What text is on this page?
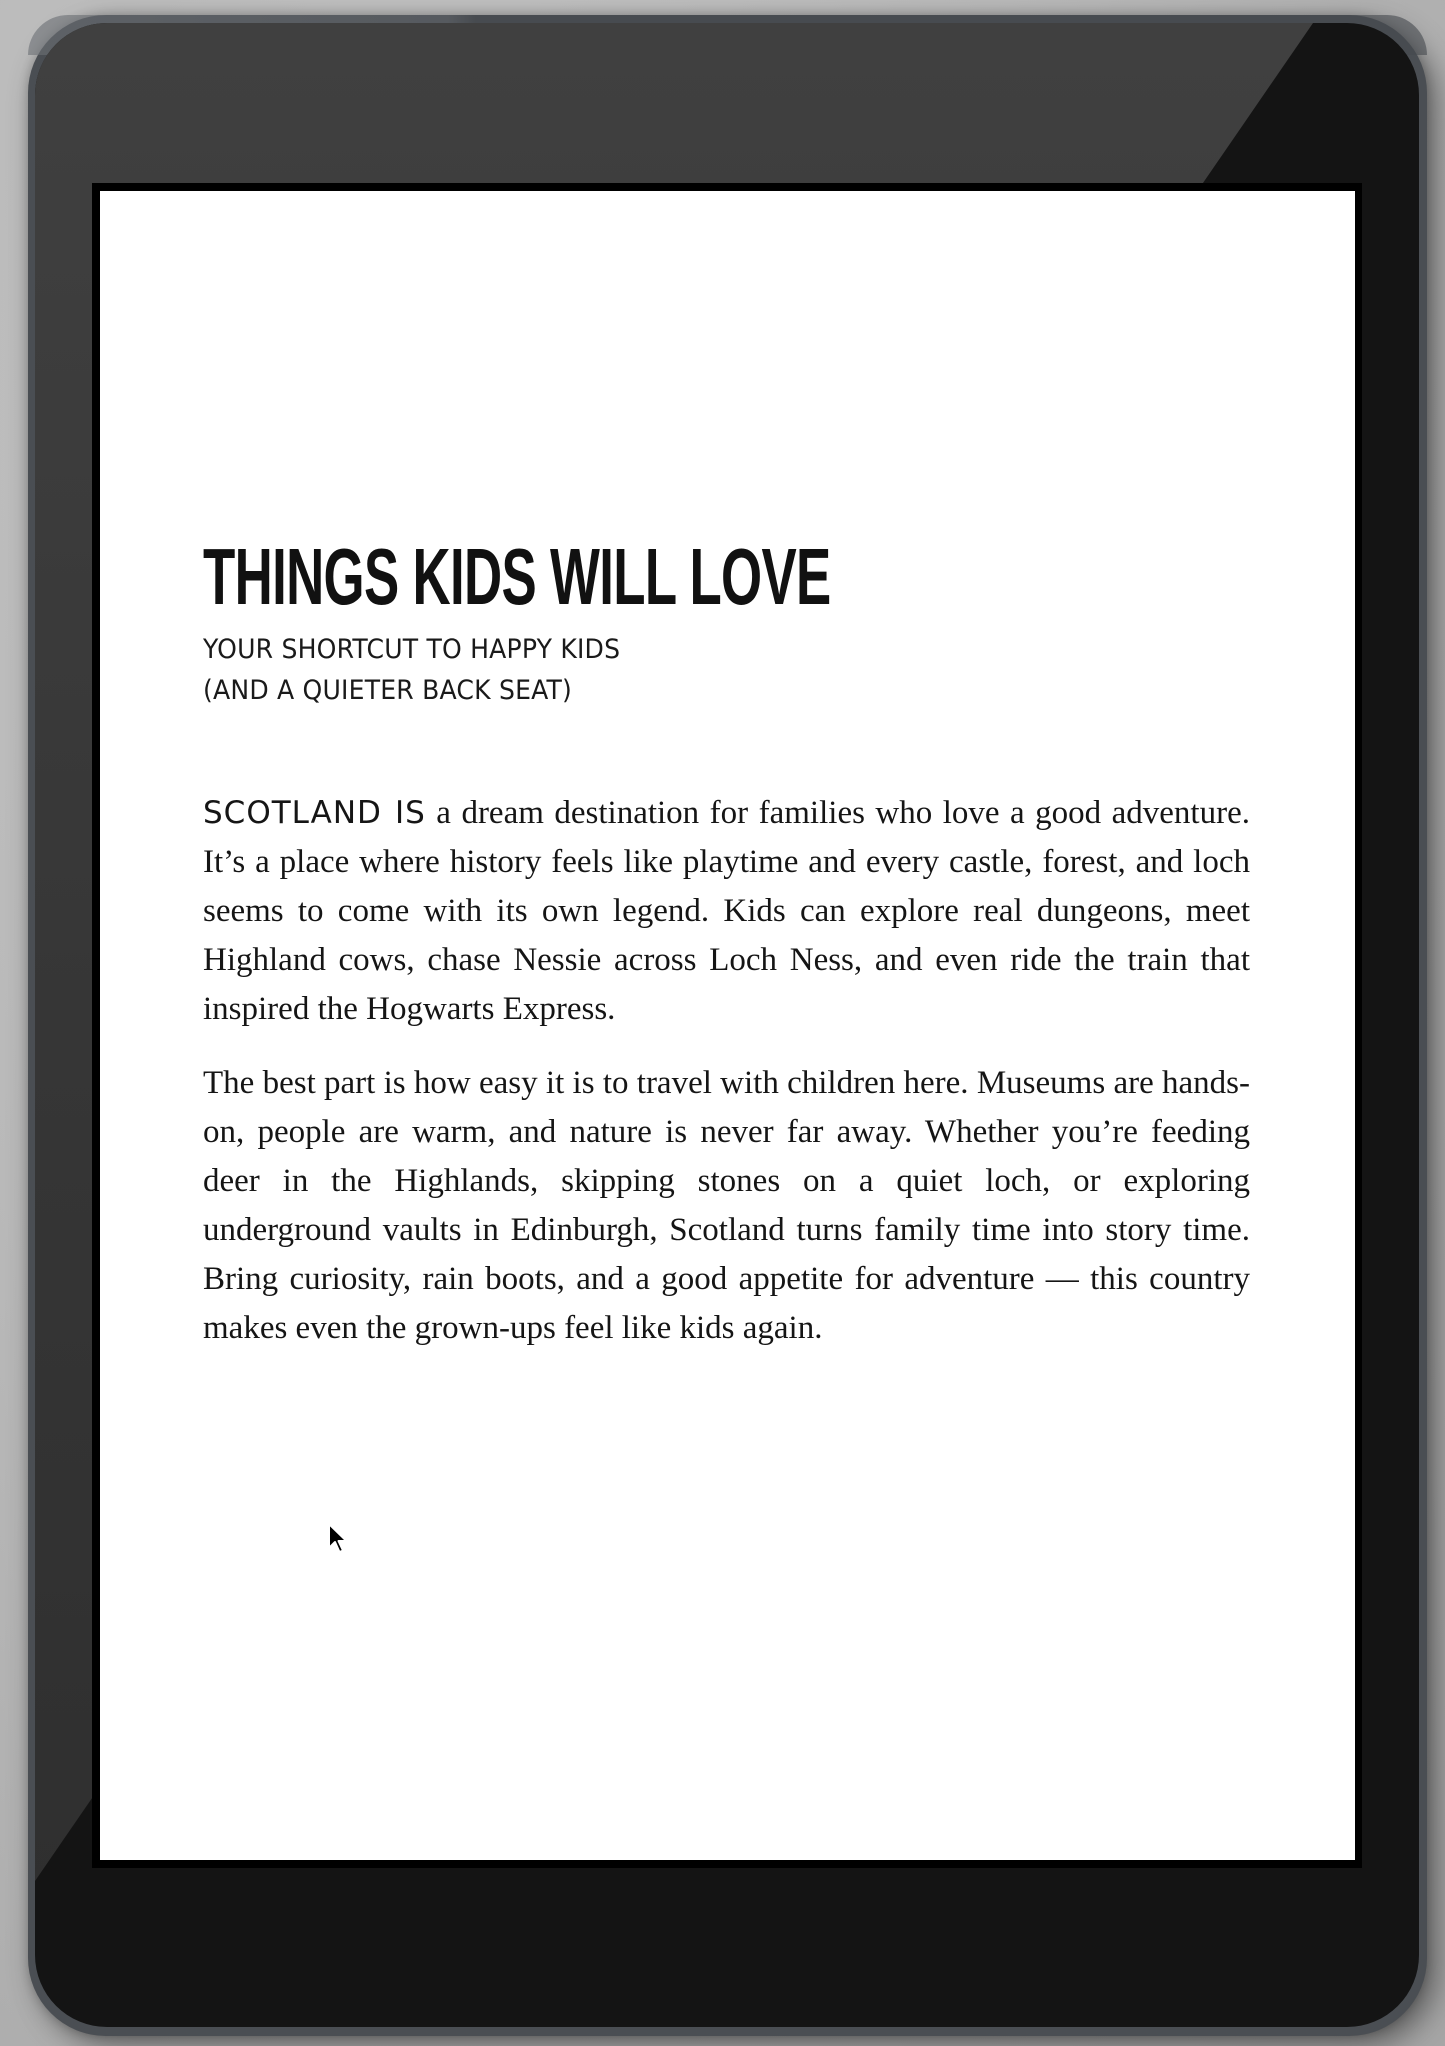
THINGS KIDS WILL LOVE
YOUR SHORTCUT TO HAPPY KIDS
(AND A QUIETER BACK SEAT)

SCOTLAND IS a dream destination for families who love a good adventure. It’s a place where history feels like playtime and every castle, forest, and loch seems to come with its own legend. Kids can explore real dungeons, meet Highland cows, chase Nessie across Loch Ness, and even ride the train that inspired the Hogwarts Express.

The best part is how easy it is to travel with children here. Museums are hands-on, people are warm, and nature is never far away. Whether you’re feeding deer in the Highlands, skipping stones on a quiet loch, or exploring underground vaults in Edinburgh, Scotland turns family time into story time. Bring curiosity, rain boots, and a good appetite for adventure — this country makes even the grown-ups feel like kids again.
